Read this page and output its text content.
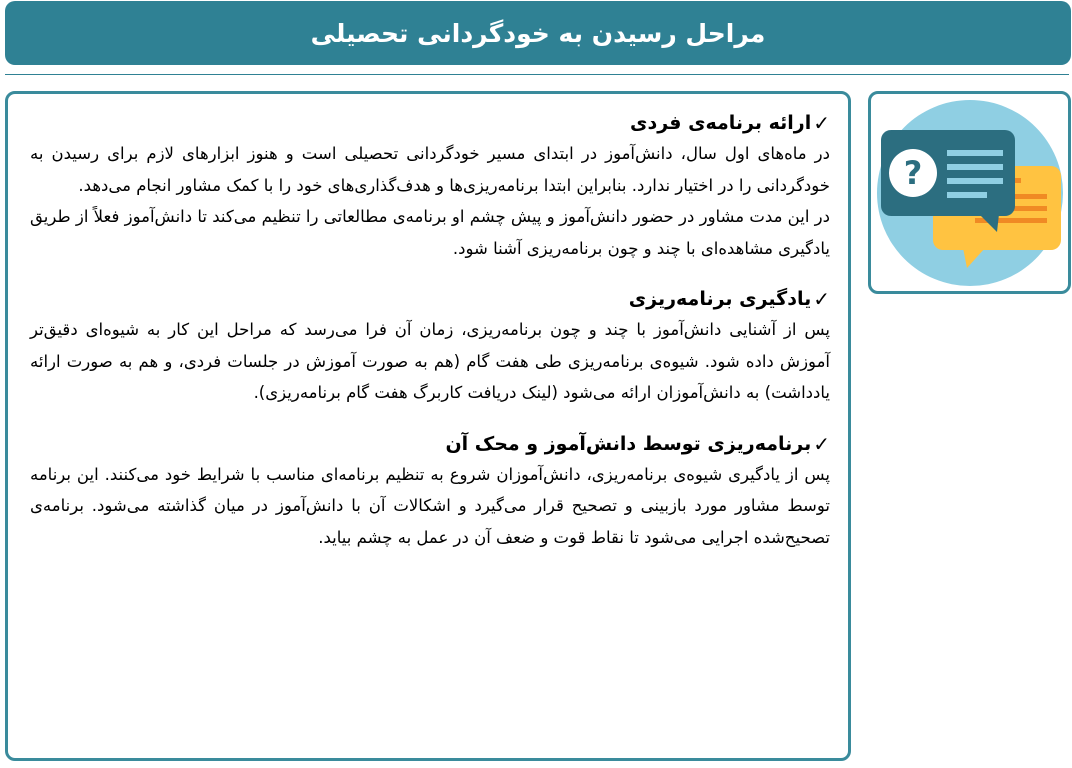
مراحل رسیدن به خودگردانی تحصیلی
✓
ارائه برنامه‌ی فردی

در ماه‌های اول سال، دانش‌آموز در ابتدای مسیر خودگردانی تحصیلی است و هنوز ابزارهای لازم برای رسیدن به خودگردانی را در اختیار ندارد. بنابراین ابتدا برنامه‌ریزی‌ها و هدف‌گذاری‌های خود را با کمک مشاور انجام می‌دهد.

در این مدت مشاور در حضور دانش‌آموز و پیش چشم او برنامه‌ی مطالعاتی را تنظیم می‌کند تا دانش‌آموز فعلاً از طریق یادگیری مشاهده‌ای با چند و چون برنامه‌ریزی آشنا شود.

✓
یادگیری برنامه‌ریزی

پس از آشنایی دانش‌آموز با چند و چون برنامه‌ریزی، زمان آن فرا می‌رسد که مراحل این کار به شیوه‌ای دقیق‌تر آموزش داده شود. شیوه‌ی برنامه‌ریزی طی هفت گام (هم به صورت آموزش در جلسات فردی، و هم به صورت ارائه یادداشت) به دانش‌آموزان ارائه می‌شود (لینک دریافت کاربرگ هفت گام برنامه‌ریزی).

✓
برنامه‌ریزی توسط دانش‌آموز و محک آن

پس از یادگیری شیوه‌ی برنامه‌ریزی، دانش‌آموزان شروع به تنظیم برنامه‌ای مناسب با شرایط خود می‌کنند. این برنامه توسط مشاور مورد بازبینی و تصحیح قرار می‌گیرد و اشکالات آن با دانش‌آموز در میان گذاشته می‌شود. برنامه‌ی تصحیح‌شده اجرایی می‌شود تا نقاط قوت و ضعف آن در عمل به چشم بیاید.

?
